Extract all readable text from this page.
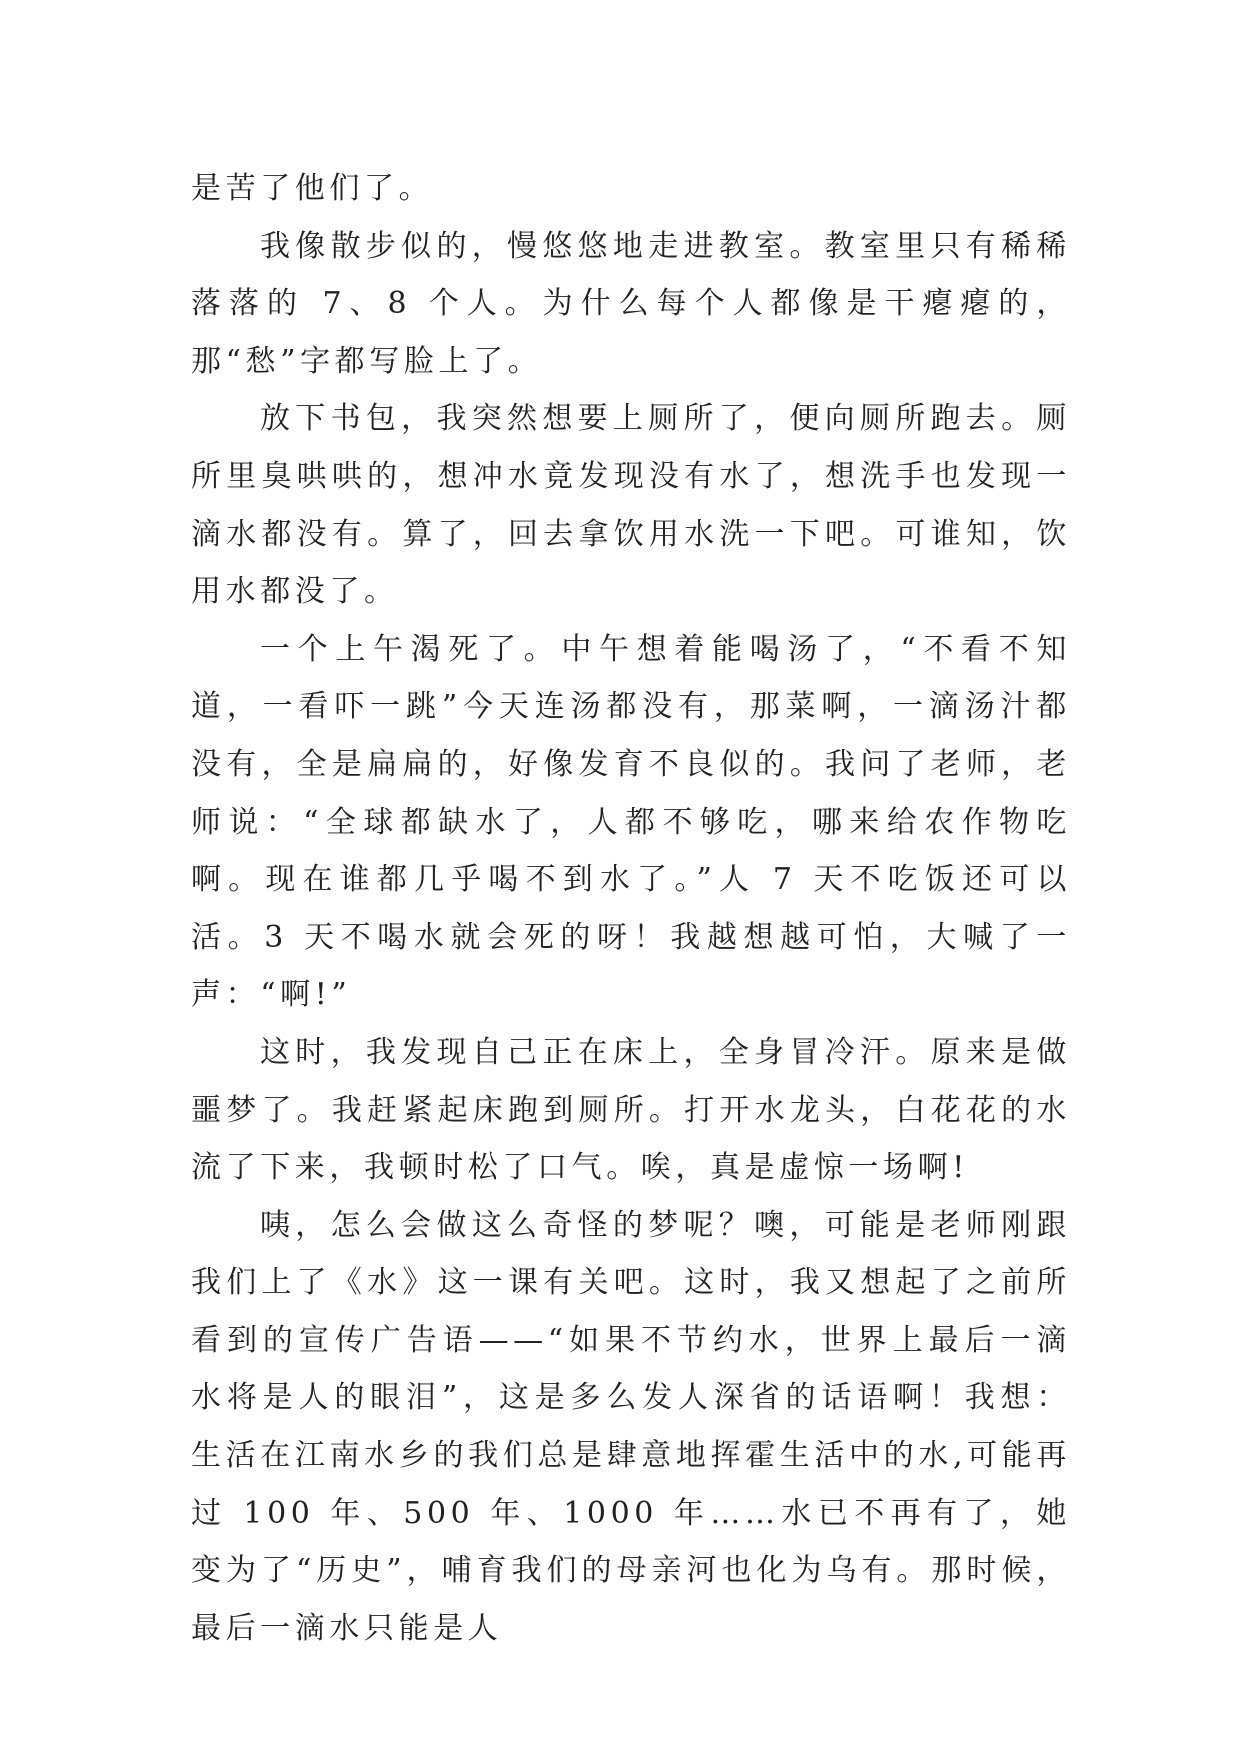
是苦了他们了。

我像散步似的，慢悠悠地走进教室。教室里只有稀稀落落的 7、8 个人。为什么每个人都像是干瘪瘪的，那“愁”字都写脸上了。

放下书包，我突然想要上厕所了，便向厕所跑去。厕所里臭哄哄的，想冲水竟发现没有水了，想洗手也发现一滴水都没有。算了，回去拿饮用水洗一下吧。可谁知，饮用水都没了。

一个上午渴死了。中午想着能喝汤了，“不看不知道，一看吓一跳”今天连汤都没有，那菜啊，一滴汤汁都没有，全是扁扁的，好像发育不良似的。我问了老师，老师说：“全球都缺水了，人都不够吃，哪来给农作物吃啊。现在谁都几乎喝不到水了。”人 7 天不吃饭还可以活。3 天不喝水就会死的呀！我越想越可怕，大喊了一声：“啊!”

这时，我发现自己正在床上，全身冒冷汗。原来是做噩梦了。我赶紧起床跑到厕所。打开水龙头，白花花的水流了下来，我顿时松了口气。唉，真是虚惊一场啊!

咦，怎么会做这么奇怪的梦呢？噢，可能是老师刚跟我们上了《水》这一课有关吧。这时，我又想起了之前所看到的宣传广告语——“如果不节约水，世界上最后一滴水将是人的眼泪”，这是多么发人深省的话语啊！我想：生活在江南水乡的我们总是肆意地挥霍生活中的水,可能再过 100 年、500 年、1000 年……水已不再有了，她变为了“历史”，哺育我们的母亲河也化为乌有。那时候，最后一滴水只能是人
